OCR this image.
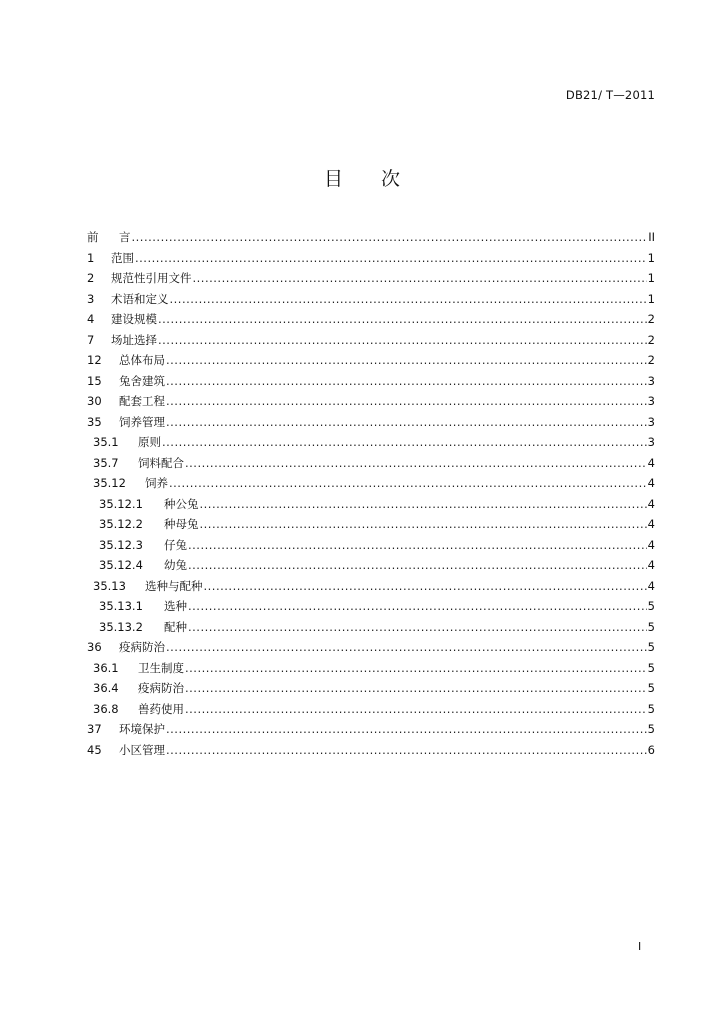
DB21/ T—2011
目 次
前	言 .....	II
1	范围 .....	1
2	规范性引用文件 .....	1
3	术语和定义 .....	1
4	建设规模 .....	2
7	场址选择 .....	2
12	总体布局 .....	2
15	兔舍建筑 .....	3
30	配套工程 .....	3
35	饲养管理 .....	3
35.1	原则 .....	3
35.7	饲料配合 .....	4
35.12	饲养 .....	4
35.12.1	种公兔 .....	4
35.12.2	种母兔 .....	4
35.12.3	仔兔 .....	4
35.12.4	幼兔 .....	4
35.13	选种与配种 .....	4
35.13.1	选种 .....	5
35.13.2	配种 .....	5
36	疫病防治 .....	5
36.1	卫生制度 .....	5
36.4	疫病防治 .....	5
36.8	兽药使用 .....	5
37	环境保护 .....	5
45	小区管理 .....	6
I
